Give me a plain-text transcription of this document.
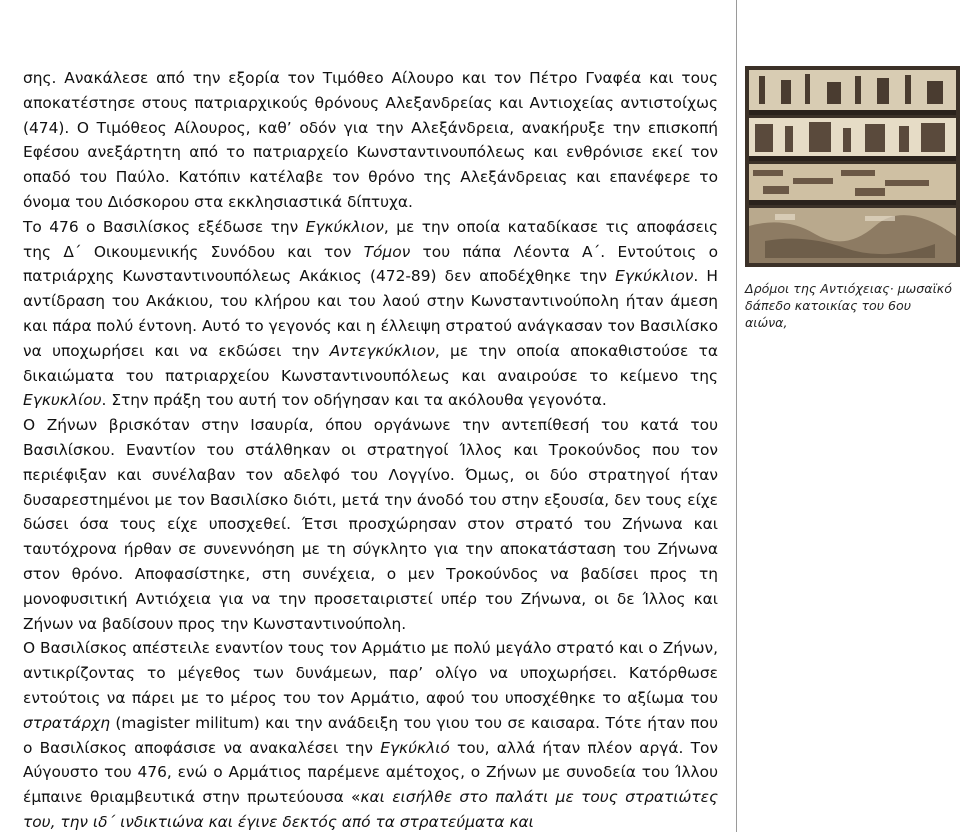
σης. Ανακάλεσε από την εξορία τον Τιμόθεο Αίλουρο και τον Πέτρο Γναφέα και τους αποκατέστησε στους πατριαρχικούς θρόνους Αλεξανδρείας και Αντιοχείας αντιστοίχως (474). Ο Τιμόθεος Αίλουρος, καθ’ οδόν για την Αλεξάνδρεια, ανακήρυξε την επισκοπή Εφέσου ανεξάρτητη από το πατριαρχείο Κωνσταντινουπόλεως και ενθρόνισε εκεί τον οπαδό του Παύλο. Κατόπιν κατέλαβε τον θρόνο της Αλεξάνδρειας και επανέφερε το όνομα του Διόσκορου στα εκκλησιαστικά δίπτυχα.

Το 476 ο Βασιλίσκος εξέδωσε την Εγκύκλιον, με την οποία καταδίκασε τις αποφάσεις της Δ΄ Οικουμενικής Συνόδου και τον Τόμον του πάπα Λέοντα Α΄. Εντούτοις ο πατριάρχης Κωνσταντινουπόλεως Ακάκιος (472-89) δεν αποδέχθηκε την Εγκύκλιον. Η αντίδραση του Ακάκιου, του κλήρου και του λαού στην Κωνσταντινούπολη ήταν άμεση και πάρα πολύ έντονη. Αυτό το γεγονός και η έλλειψη στρατού ανάγκασαν τον Βασιλίσκο να υποχωρήσει και να εκδώσει την Αντεγκύκλιον, με την οποία αποκαθιστούσε τα δικαιώματα του πατριαρχείου Κωνσταντινουπόλεως και αναιρούσε το κείμενο της Εγκυκλίου. Στην πράξη του αυτή τον οδήγησαν και τα ακόλουθα γεγονότα.

Ο Ζήνων βρισκόταν στην Ισαυρία, όπου οργάνωνε την αντεπίθεσή του κατά του Βασιλίσκου. Εναντίον του στάλθηκαν οι στρατηγοί Ίλλος και Τροκούνδος που τον περιέφιξαν και συνέλαβαν τον αδελφό του Λογγίνο. Όμως, οι δύο στρατηγοί ήταν δυσαρεστημένοι με τον Βασιλίσκο διότι, μετά την άνοδό του στην εξουσία, δεν τους είχε δώσει όσα τους είχε υποσχεθεί. Έτσι προσχώρησαν στον στρατό του Ζήνωνα και ταυτόχρονα ήρθαν σε συνεννόηση με τη σύγκλητο για την αποκατάσταση του Ζήνωνα στον θρόνο. Αποφασίστηκε, στη συνέχεια, ο μεν Τροκούνδος να βαδίσει προς τη μονοφυσιτική Αντιόχεια για να την προσεταιριστεί υπέρ του Ζήνωνα, οι δε Ίλλος και Ζήνων να βαδίσουν προς την Κωνσταντινούπολη.

Ο Βασιλίσκος απέστειλε εναντίον τους τον Αρμάτιο με πολύ μεγάλο στρατό και ο Ζήνων, αντικρίζοντας το μέγεθος των δυνάμεων, παρ’ ολίγο να υποχωρήσει. Κατόρθωσε εντούτοις να πάρει με το μέρος του τον Αρμάτιο, αφού του υποσχέθηκε το αξίωμα του στρατάρχη (magister militum) και την ανάδειξη του γιου του σε καισαρα. Τότε ήταν που ο Βασιλίσκος αποφάσισε να ανακαλέσει την Εγκύκλιό του, αλλά ήταν πλέον αργά. Τον Αύγουστο του 476, ενώ ο Αρμάτιος παρέμενε αμέτοχος, ο Ζήνων με συνοδεία του Ίλλου έμπαινε θριαμβευτικά στην πρωτεύουσα «και εισήλθε στο παλάτι με τους στρατιώτες του, την ιδ΄ ινδικτιώνα και έγινε δεκτός από τα στρατεύματα και

Δρόμοι της Αντιόχειας· μωσαϊκό δάπεδο κατοικίας του 6ου αιώνα,
